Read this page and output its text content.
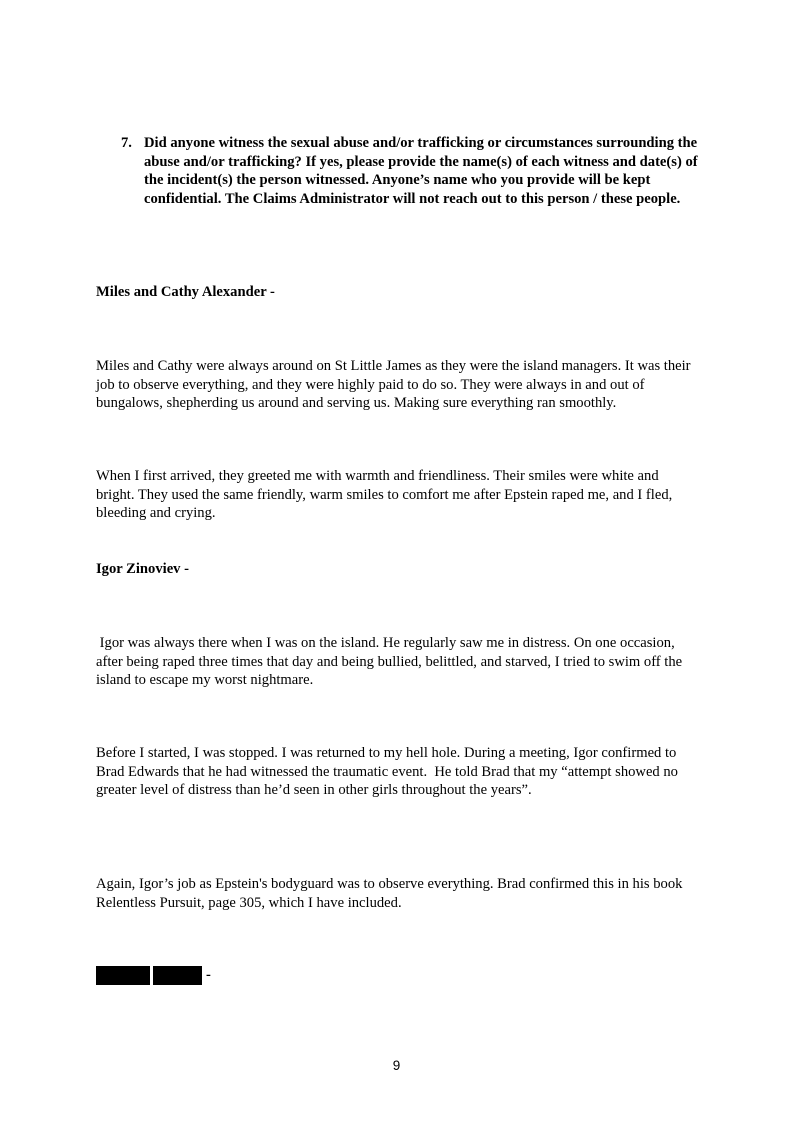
7. Did anyone witness the sexual abuse and/or trafficking or circumstances surrounding the abuse and/or trafficking? If yes, please provide the name(s) of each witness and date(s) of the incident(s) the person witnessed. Anyone’s name who you provide will be kept confidential. The Claims Administrator will not reach out to this person / these people.

Miles and Cathy Alexander -

Miles and Cathy were always around on St Little James as they were the island managers. It was their job to observe everything, and they were highly paid to do so. They were always in and out of bungalows, shepherding us around and serving us. Making sure everything ran smoothly.

When I first arrived, they greeted me with warmth and friendliness. Their smiles were white and bright. They used the same friendly, warm smiles to comfort me after Epstein raped me, and I fled, bleeding and crying.

Igor Zinoviev -

Igor was always there when I was on the island. He regularly saw me in distress. On one occasion, after being raped three times that day and being bullied, belittled, and starved, I tried to swim off the island to escape my worst nightmare.

Before I started, I was stopped. I was returned to my hell hole. During a meeting, Igor confirmed to Brad Edwards that he had witnessed the traumatic event.  He told Brad that my “attempt showed no greater level of distress than he’d seen in other girls throughout the years”.

Again, Igor’s job as Epstein's bodyguard was to observe everything. Brad confirmed this in his book Relentless Pursuit, page 305, which I have included.

-
9
